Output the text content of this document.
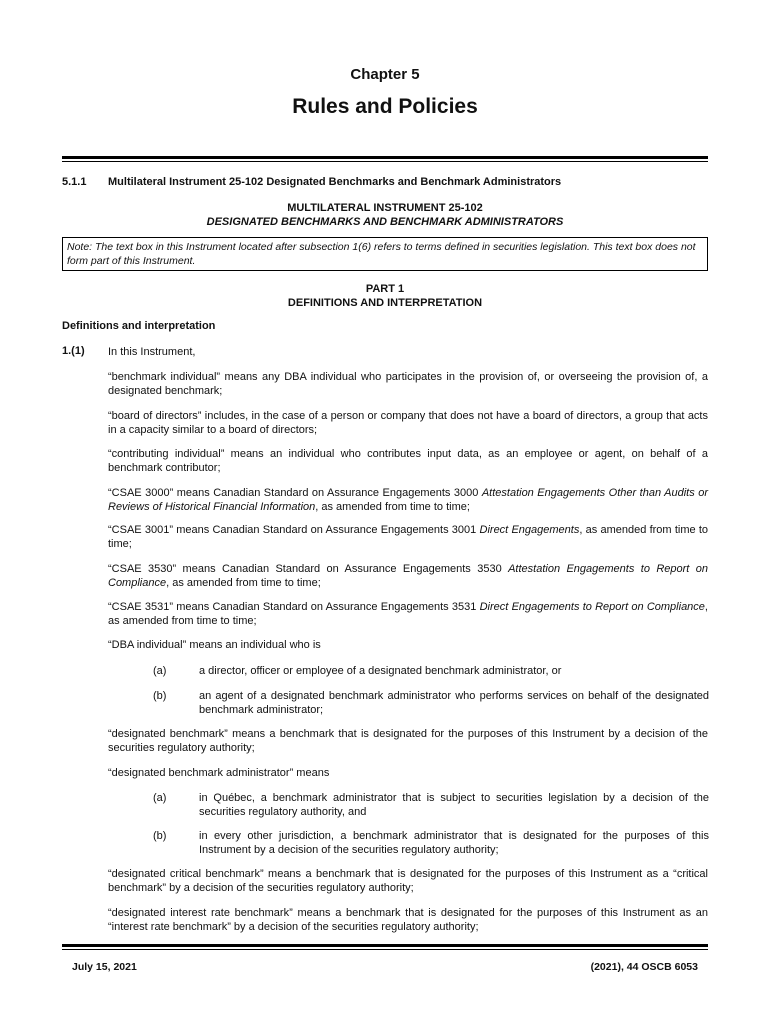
Chapter 5
Rules and Policies
5.1.1 Multilateral Instrument 25-102 Designated Benchmarks and Benchmark Administrators
MULTILATERAL INSTRUMENT 25-102
DESIGNATED BENCHMARKS AND BENCHMARK ADMINISTRATORS
Note: The text box in this Instrument located after subsection 1(6) refers to terms defined in securities legislation. This text box does not form part of this Instrument.
PART 1
DEFINITIONS AND INTERPRETATION
Definitions and interpretation
1.(1) In this Instrument,

“benchmark individual” means any DBA individual who participates in the provision of, or overseeing the provision of, a designated benchmark;

“board of directors” includes, in the case of a person or company that does not have a board of directors, a group that acts in a capacity similar to a board of directors;

“contributing individual” means an individual who contributes input data, as an employee or agent, on behalf of a benchmark contributor;

“CSAE 3000” means Canadian Standard on Assurance Engagements 3000 Attestation Engagements Other than Audits or Reviews of Historical Financial Information, as amended from time to time;

“CSAE 3001” means Canadian Standard on Assurance Engagements 3001 Direct Engagements, as amended from time to time;

“CSAE 3530” means Canadian Standard on Assurance Engagements 3530 Attestation Engagements to Report on Compliance, as amended from time to time;

“CSAE 3531” means Canadian Standard on Assurance Engagements 3531 Direct Engagements to Report on Compliance, as amended from time to time;

“DBA individual” means an individual who is

(a)	a director, officer or employee of a designated benchmark administrator, or
(b)	an agent of a designated benchmark administrator who performs services on behalf of the designated benchmark administrator;

“designated benchmark” means a benchmark that is designated for the purposes of this Instrument by a decision of the securities regulatory authority;

“designated benchmark administrator” means

(a)	in Québec, a benchmark administrator that is subject to securities legislation by a decision of the securities regulatory authority, and
(b)	in every other jurisdiction, a benchmark administrator that is designated for the purposes of this Instrument by a decision of the securities regulatory authority;

“designated critical benchmark” means a benchmark that is designated for the purposes of this Instrument as a “critical benchmark” by a decision of the securities regulatory authority;

“designated interest rate benchmark” means a benchmark that is designated for the purposes of this Instrument as an “interest rate benchmark” by a decision of the securities regulatory authority;

July 15, 2021	(2021), 44 OSCB 6053
